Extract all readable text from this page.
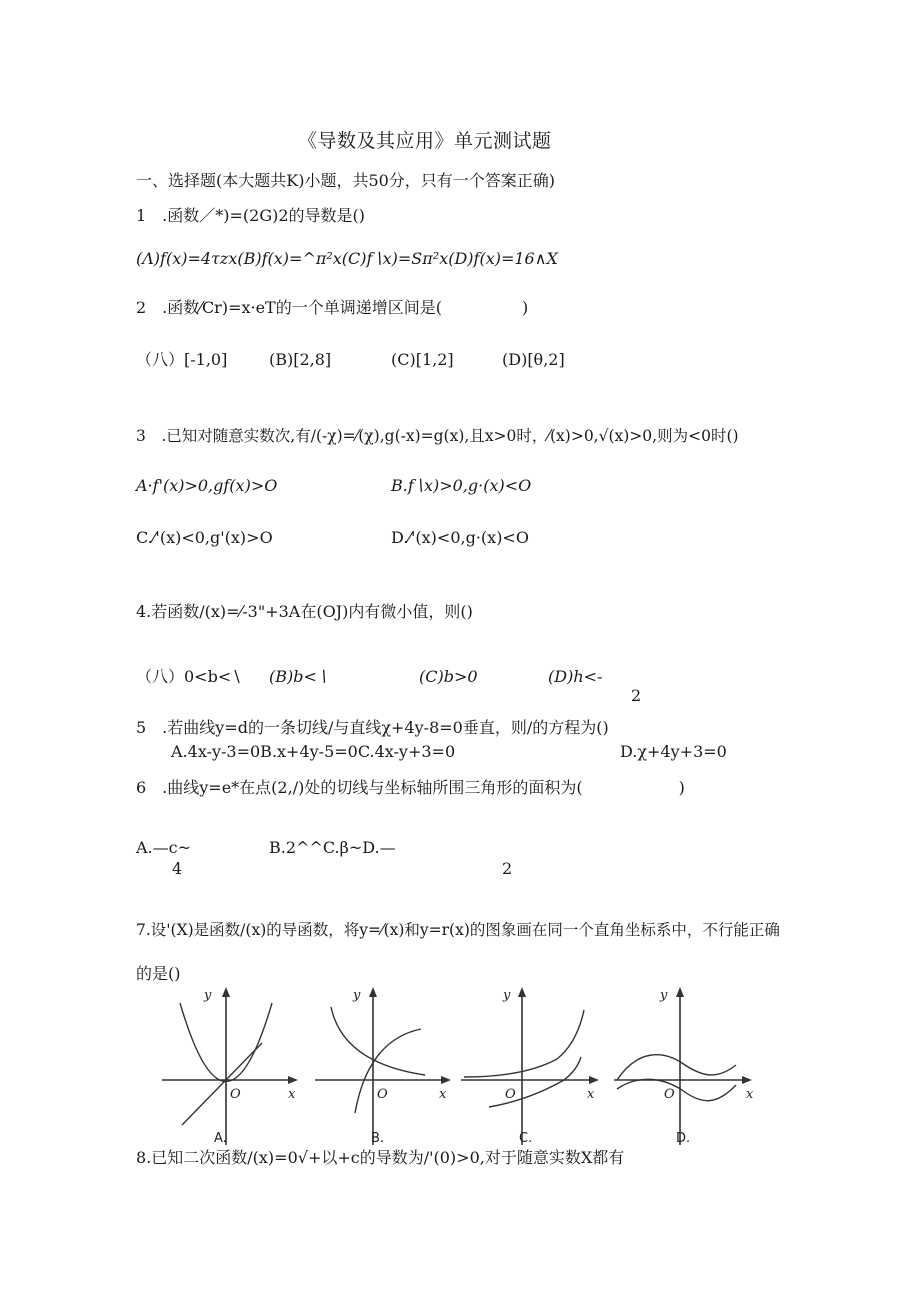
《导数及其应用》单元测试题
一、选择题(本大题共K)小题，共50分，只有一个答案正确)
1　.函数／*)=(2G)2的导数是()
(Λ)f(x)=4τzx(B)f(x)=^π²x(C)f∖x)=Sπ²x(D)f(x)=16∧X
2　.函数⁄Cr)=x·eT的一个单调递增区间是(　　　　　)
（八）[-1,0]	(B)[2,8]	(C)[1,2]	(D)[θ,2]
3　.已知对随意实数次,有/(-χ)=⁄(χ),g(-x)=g(x),且x>0时，⁄(x)>0,√(x)>0,则为<0时()
A·f'(x)>0,gf(x)>O	B.f∖x)>0,g·(x)<O
C.⁄'(x)<0,g'(x)>O	D.⁄'(x)<0,g·(x)<O
4.若函数/(x)=⁄-3"+3A在(OJ)内有微小值，则()
（八）0<b<∖ (B)b<∖	(C)b>0	(D)h<-
2
5　.若曲线y=d的一条切线/与直线χ+4y-8=0垂直，则/的方程为()
A.4x-y-3=0B.x+4y-5=0C.4x-y+3=0	D.χ+4y+3=0
6　.曲线y=e*在点(2,/)处的切线与坐标轴所围三角形的面积为(　　　　　　)
A.—c~	B.2^^C.β~D.—
4	2
7.设'(X)是函数/(x)的导函数，将y=⁄(x)和y=r(x)的图象画在同一个直角坐标系中，不行能正确
的是()
y
O	x
A.
y
O	x
B.
y
O	x
C.
y
O	x
D.
8.已知二次函数/(x)=0√+以+c的导数为/'(0)>0,对于随意实数X都有
